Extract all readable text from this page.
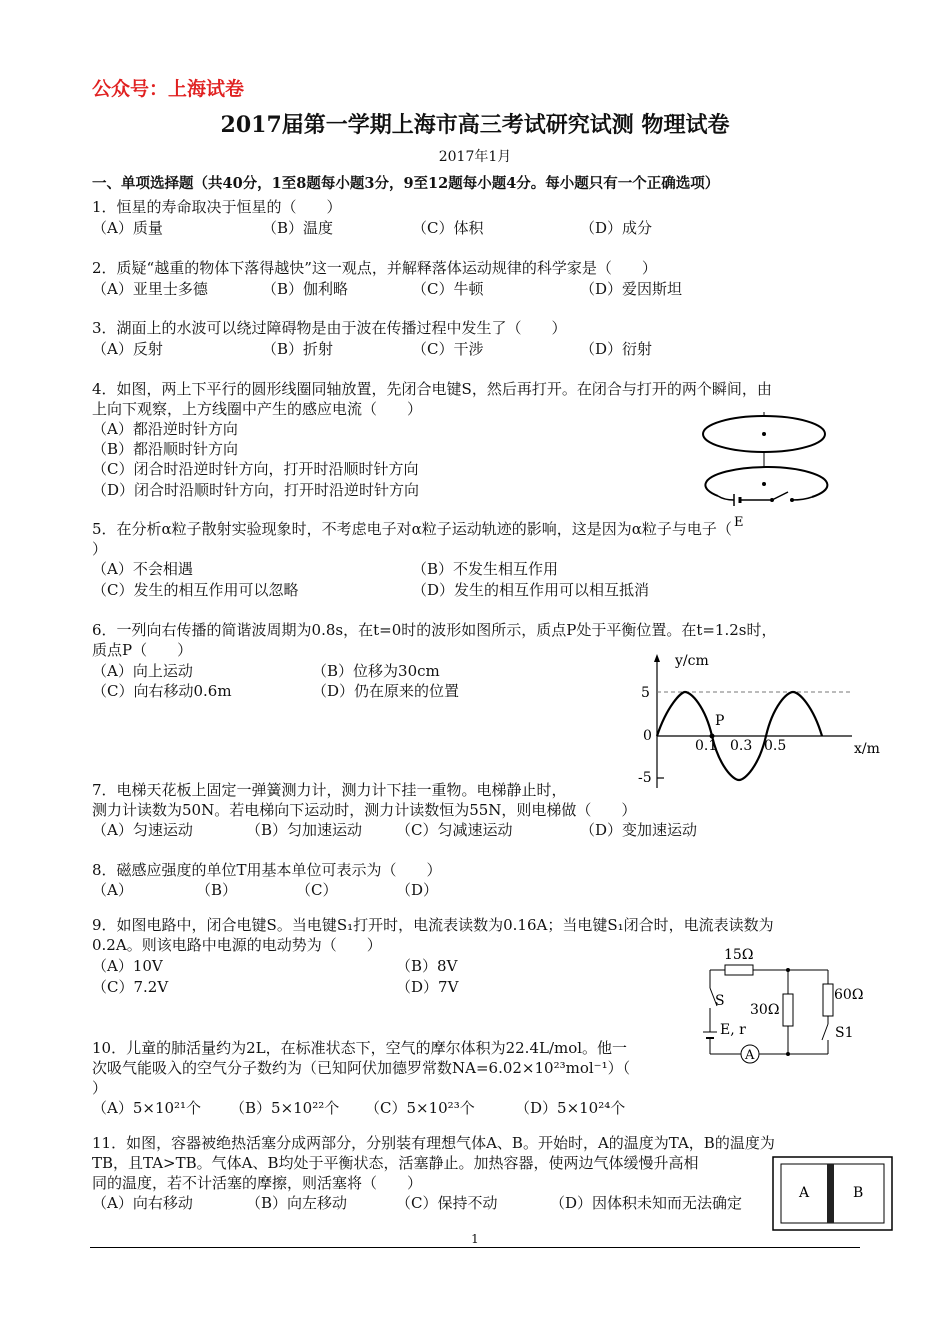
公众号：上海试卷
2017届第一学期上海市高三考试研究试测 物理试卷
2017年1月
一、单项选择题（共40分，1至8题每小题3分，9至12题每小题4分。每小题只有一个正确选项）
1．恒星的寿命取决于恒星的（　　）
（A）质量	（B）温度	（C）体积	（D）成分
2．质疑“越重的物体下落得越快”这一观点，并解释落体运动规律的科学家是（　　）
（A）亚里士多德	（B）伽利略	（C）牛顿	（D）爱因斯坦
3．湖面上的水波可以绕过障碍物是由于波在传播过程中发生了（　　）
（A）反射	（B）折射	（C）干涉	（D）衍射
4．如图，两上下平行的圆形线圈同轴放置，先闭合电键S，然后再打开。在闭合与打开的两个瞬间，由
上向下观察，上方线圈中产生的感应电流（　　）
（A）都沿逆时针方向
（B）都沿顺时针方向
（C）闭合时沿逆时针方向，打开时沿顺时针方向
（D）闭合时沿顺时针方向，打开时沿逆时针方向
E
5．在分析α粒子散射实验现象时，不考虑电子对α粒子运动轨迹的影响，这是因为α粒子与电子（
）
（A）不会相遇	（B）不发生相互作用
（C）发生的相互作用可以忽略	（D）发生的相互作用可以相互抵消
6．一列向右传播的简谐波周期为0.8s，在t=0时的波形如图所示，质点P处于平衡位置。在t=1.2s时，
质点P（　　）
（A）向上运动	（B）位移为30cm
（C）向右移动0.6m	（D）仍在原来的位置
y/cm
x/m
5
0
-5
0.1 0.3 0.5
P
7．电梯天花板上固定一弹簧测力计，测力计下挂一重物。电梯静止时，
测力计读数为50N。若电梯向下运动时，测力计读数恒为55N，则电梯做（　　）
（A）匀速运动	（B）匀加速运动 （C）匀减速运动	（D）变加速运动
8．磁感应强度的单位T用基本单位可表示为（　　）
（A）	（B）	（C）	（D）
9．如图电路中，闭合电键S。当电键S₁打开时，电流表读数为0.16A；当电键S₁闭合时，电流表读数为
0.2A。则该电路中电源的电动势为（　　）
（A）10V	（B）8V
（C）7.2V	（D）7V
15Ω
30Ω
60Ω
S
S1
E, r
A
10．儿童的肺活量约为2L，在标准状态下，空气的摩尔体积为22.4L/mol。他一
次吸气能吸入的空气分子数约为（已知阿伏加德罗常数NA=6.02×10²³mol⁻¹）（
）
（A）5×10²¹个 （B）5×10²²个 （C）5×10²³个	（D）5×10²⁴个
11．如图，容器被绝热活塞分成两部分，分别装有理想气体A、B。开始时，A的温度为TA，B的温度为
TB，且TA>TB。气体A、B均处于平衡状态，活塞静止。加热容器，使两边气体缓慢升高相
同的温度，若不计活塞的摩擦，则活塞将（　　）
（A）向右移动	（B）向左移动	（C）保持不动	（D）因体积未知而无法确定
A	B
1
